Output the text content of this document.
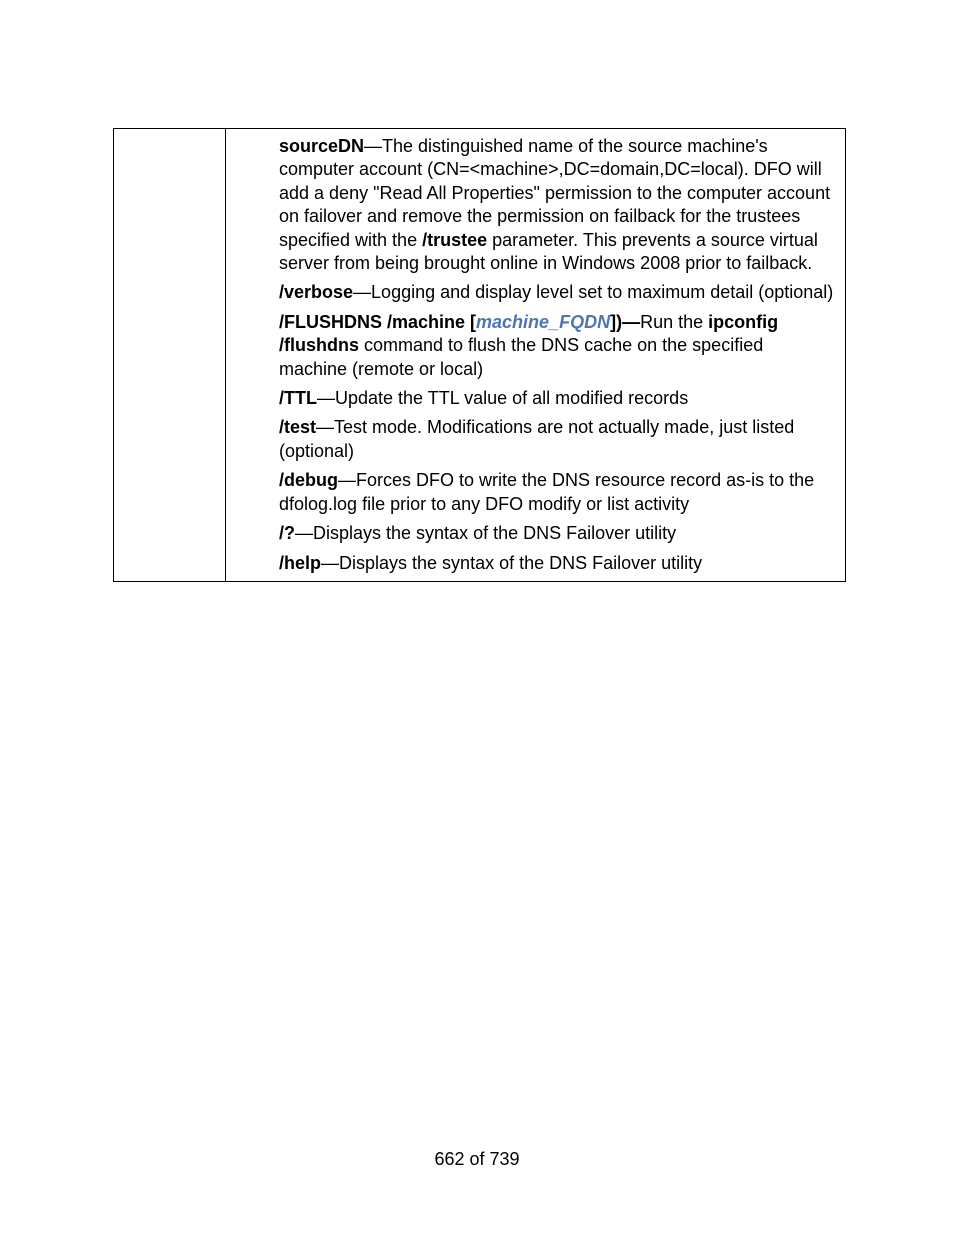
sourceDN—The distinguished name of the source machine's computer account (CN=<machine>,DC=domain,DC=local). DFO will add a deny "Read All Properties" permission to the computer account on failover and remove the permission on failback for the trustees specified with the /trustee parameter. This prevents a source virtual server from being brought online in Windows 2008 prior to failback.
/verbose—Logging and display level set to maximum detail (optional)
/FLUSHDNS /machine [machine_FQDN])—Run the ipconfig /flushdns command to flush the DNS cache on the specified machine (remote or local)
/TTL—Update the TTL value of all modified records
/test—Test mode. Modifications are not actually made, just listed (optional)
/debug—Forces DFO to write the DNS resource record as-is to the dfolog.log file prior to any DFO modify or list activity
/?—Displays the syntax of the DNS Failover utility
/help—Displays the syntax of the DNS Failover utility
662 of 739
